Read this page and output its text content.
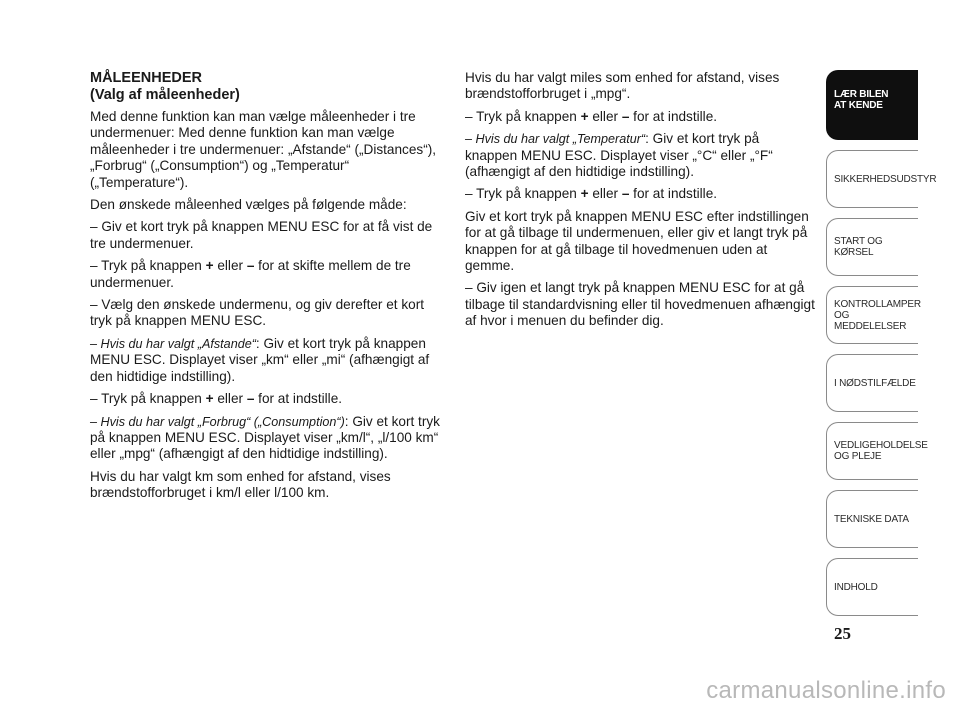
MÅLEENHEDER
(Valg af måleenheder)

Med denne funktion kan man vælge måleenheder i tre undermenuer: Med denne funktion kan man vælge måleenheder i tre undermenuer: „Afstande“ („Distances“), „Forbrug“ („Consumption“) og „Temperatur“ („Temperature“).

Den ønskede måleenhed vælges på følgende måde:

– Giv et kort tryk på knappen MENU ESC for at få vist de tre undermenuer.

– Tryk på knappen + eller – for at skifte mellem de tre undermenuer.

– Vælg den ønskede undermenu, og giv derefter et kort tryk på knappen MENU ESC.

– Hvis du har valgt „Afstande“: Giv et kort tryk på knappen MENU ESC. Displayet viser „km“ eller „mi“ (afhængigt af den hidtidige indstilling).

– Tryk på knappen + eller – for at indstille.

– Hvis du har valgt „Forbrug“ („Consumption“): Giv et kort tryk på knappen MENU ESC. Displayet viser „km/l“, „l/100 km“ eller „mpg“ (afhængigt af den hidtidige indstilling).

Hvis du har valgt km som enhed for afstand, vises brændstofforbruget i km/l eller l/100 km.

Hvis du har valgt miles som enhed for afstand, vises brændstofforbruget i „mpg“.

– Tryk på knappen + eller – for at indstille.

– Hvis du har valgt „Temperatur“: Giv et kort tryk på knappen MENU ESC. Displayet viser „°C“ eller „°F“ (afhængigt af den hidtidige indstilling).

– Tryk på knappen + eller – for at indstille.

Giv et kort tryk på knappen MENU ESC efter indstillingen for at gå tilbage til undermenuen, eller giv et langt tryk på knappen for at gå tilbage til hovedmenuen uden at gemme.

– Giv igen et langt tryk på knappen MENU ESC for at gå tilbage til standardvisning eller til hovedmenuen afhængigt af hvor i menuen du befinder dig.

LÆR BILEN
AT KENDE
SIKKERHEDSUDSTYR
START OG KØRSEL
KONTROLLAMPER
OG MEDDELELSER
I NØDSTILFÆLDE
VEDLIGEHOLDELSE
OG PLEJE
TEKNISKE DATA
INDHOLD
25
carmanualsonline.info
